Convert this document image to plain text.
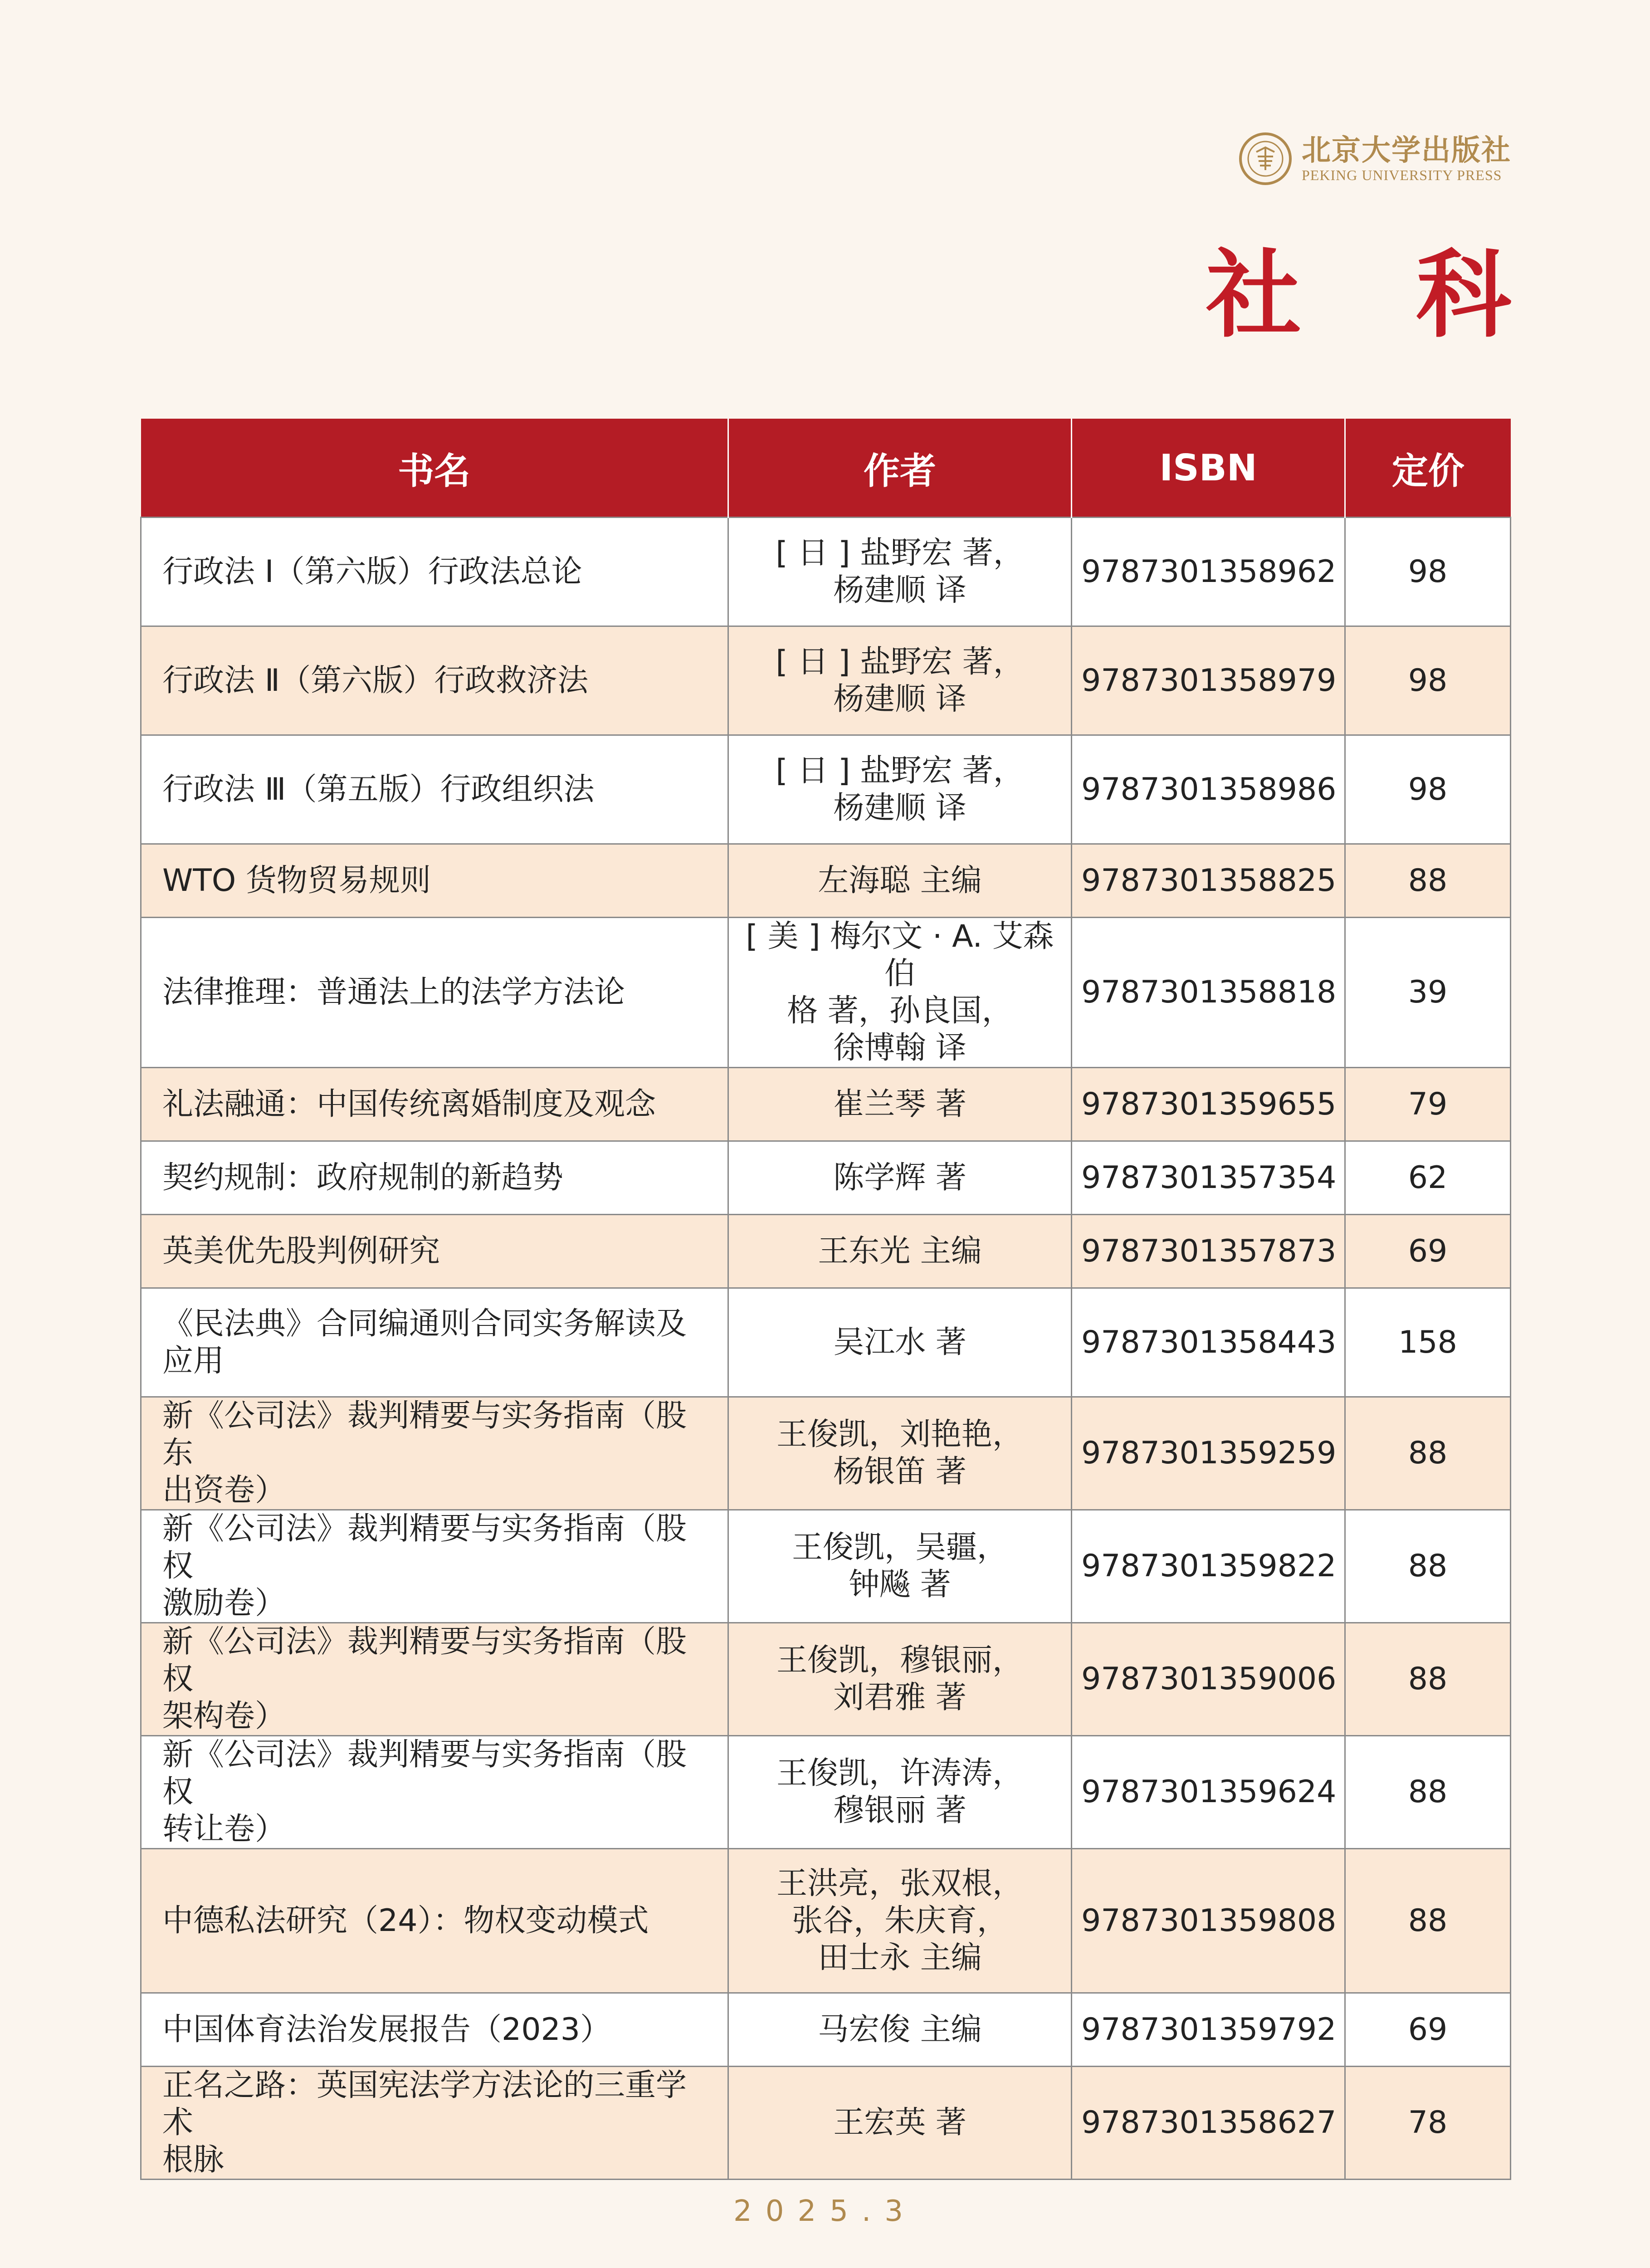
北京大学出版社
PEKING UNIVERSITY PRESS
社 科
书名	作者	ISBN	定价
行政法 Ⅰ（第六版）行政法总论	[ 日 ] 盐野宏 著，
杨建顺 译	9787301358962	98
行政法 Ⅱ（第六版）行政救济法	[ 日 ] 盐野宏 著，
杨建顺 译	9787301358979	98
行政法 Ⅲ（第五版）行政组织法	[ 日 ] 盐野宏 著，
杨建顺 译	9787301358986	98
WTO 货物贸易规则	左海聪 主编	9787301358825	88
法律推理：普通法上的法学方法论	[ 美 ] 梅尔文 · A. 艾森伯
格 著，孙良国，
徐博翰 译	9787301358818	39
礼法融通：中国传统离婚制度及观念	崔兰琴 著	9787301359655	79
契约规制：政府规制的新趋势	陈学辉 著	9787301357354	62
英美优先股判例研究	王东光 主编	9787301357873	69
《民法典》合同编通则合同实务解读及
应用	吴江水 著	9787301358443	158
新《公司法》裁判精要与实务指南（股东
出资卷）	王俊凯，刘艳艳，
杨银笛 著	9787301359259	88
新《公司法》裁判精要与实务指南（股权
激励卷）	王俊凯，吴疆，
钟飚 著	9787301359822	88
新《公司法》裁判精要与实务指南（股权
架构卷）	王俊凯，穆银丽，
刘君雅 著	9787301359006	88
新《公司法》裁判精要与实务指南（股权
转让卷）	王俊凯，许涛涛，
穆银丽 著	9787301359624	88
中德私法研究（24）：物权变动模式	王洪亮，张双根，
张谷，朱庆育，
田士永 主编	9787301359808	88
中国体育法治发展报告（2023）	马宏俊 主编	9787301359792	69
正名之路：英国宪法学方法论的三重学术
根脉	王宏英 著	9787301358627	78
2025.3
